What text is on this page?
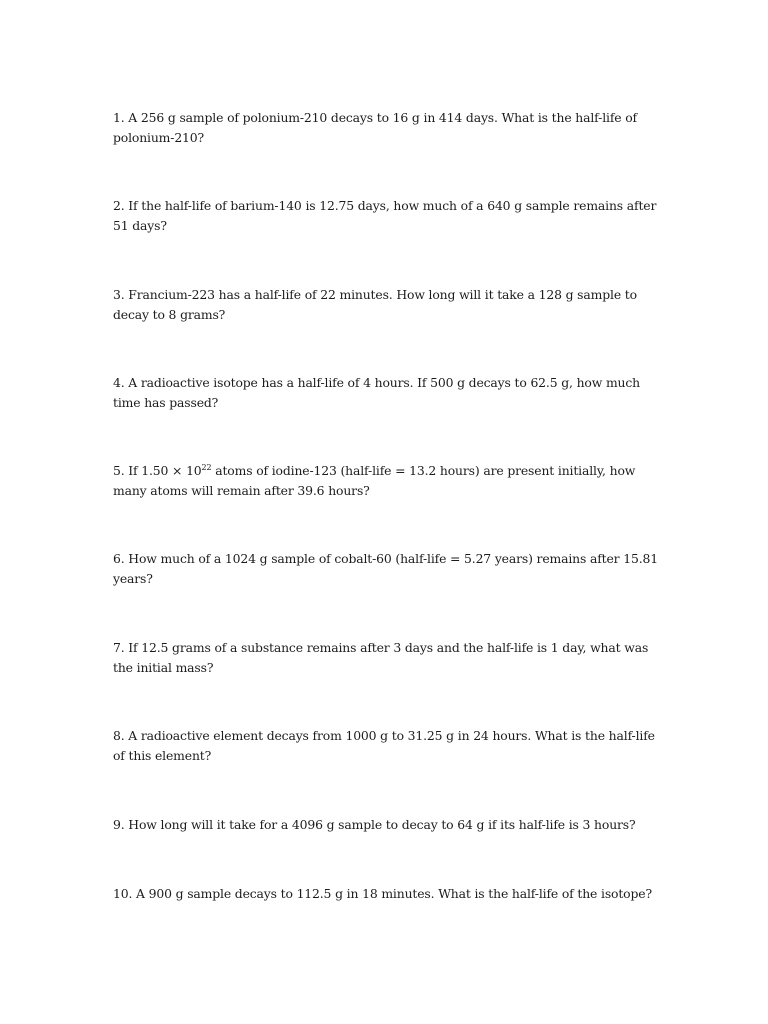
1. A 256 g sample of polonium-210 decays to 16 g in 414 days. What is the half-life of polonium-210?

2. If the half-life of barium-140 is 12.75 days, how much of a 640 g sample remains after 51 days?

3. Francium-223 has a half-life of 22 minutes. How long will it take a 128 g sample to decay to 8 grams?

4. A radioactive isotope has a half-life of 4 hours. If 500 g decays to 62.5 g, how much time has passed?

5. If $1.50 \times 10^{22}$ atoms of iodine-123 (half-life = 13.2 hours) are present initially, how many atoms will remain after 39.6 hours?

6. How much of a 1024 g sample of cobalt-60 (half-life = 5.27 years) remains after 15.81 years?

7. If 12.5 grams of a substance remains after 3 days and the half-life is 1 day, what was the initial mass?

8. A radioactive element decays from 1000 g to 31.25 g in 24 hours. What is the half-life of this element?

9. How long will it take for a 4096 g sample to decay to 64 g if its half-life is 3 hours?

10. A 900 g sample decays to 112.5 g in 18 minutes. What is the half-life of the isotope?
